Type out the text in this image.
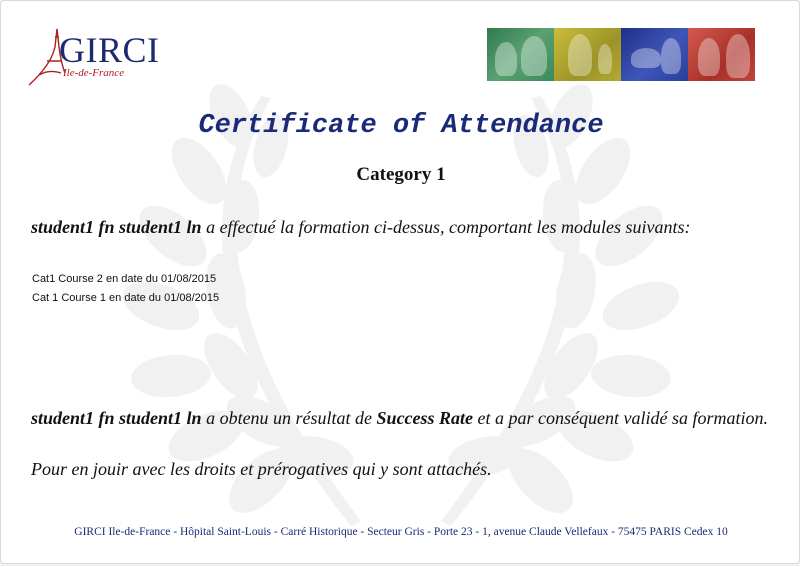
GIRCI
Ile-de-France
Certificate of Attendance
Category 1
student1 fn student1 ln a effectué la formation ci-dessus, comportant les modules suivants:
Cat1 Course 2 en date du 01/08/2015
Cat 1 Course 1 en date du 01/08/2015
student1 fn student1 ln a obtenu un résultat de Success Rate et a par conséquent validé sa formation.
Pour en jouir avec les droits et prérogatives qui y sont attachés.
GIRCI Ile-de-France - Hôpital Saint-Louis - Carré Historique - Secteur Gris - Porte 23 - 1, avenue Claude Vellefaux - 75475 PARIS Cedex 10
